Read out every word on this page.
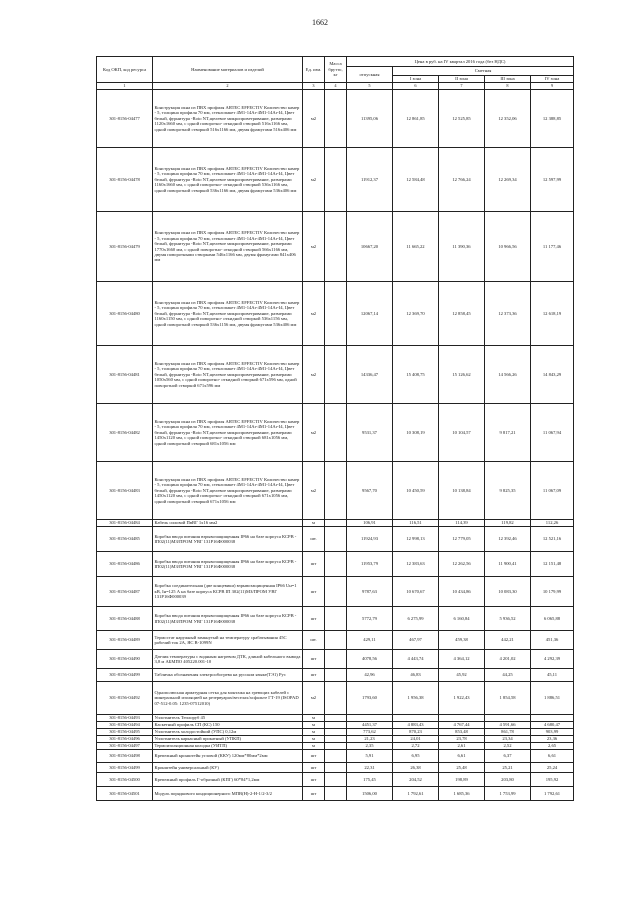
1662
Код ОКП, код ресурса	Наименование материалов и изделий	Ед. изм.	Масса брутто, кг	Цена в руб. на IV квартал 2016 года (без НДС)				
				отпускная	Сметная			
					I зона	II зона	III зона	IV зона
1	2	3	4	5	6	7	8	9
301-8156-04477	Конструкция окна из ПВХ профиля ARTEC EFFECTIV Количество камер - 5, толщина профиля 70 мм, стеклопакет 4М1-14Ar-4М1-14Ar-I4, Цвет белый, фурнитура -Roto NT,щелевое микропроветривание, размерами 1120х1660 мм, с одной поворотно- откидной створкой 516х1166 мм, одной поворотной створкой 516х1166 мм, двумя фрамугами 516х406 мм	м2		11395,06	12 861,85	12 525,85	12 352,06	12 388,85
301-8156-04478	Конструкция окна из ПВХ профиля ARTEC EFFECTIV Количество камер - 5, толщина профиля 70 мм, стеклопакет 4М1-14Ar-4М1-14Ar-I4, Цвет белый, фурнитура -Roto NT,щелевое микропроветривание, размерами 1160х1660 мм, с одной поворотно- откидной створкой 536х1166 мм, одной поворотной створкой 536х1166 мм, двумя фрамугами 536х406 мм	м2		11912,37	12 584,48	12 766,24	12 269,34	12 597,99
301-8156-04479	Конструкция окна из ПВХ профиля ARTEC EFFECTIV Количество камер - 5, толщина профиля 70 мм, стеклопакет 4М1-14Ar-4М1-14Ar-I4, Цвет белый, фурнитура -Roto NT,щелевое микропроветривание, размерами 1770х1660 мм, с одной поворотно- откидной створкой 566х1166 мм, двумя поворотными створками 546х1166 мм, двумя фрамугами 841х406 мм	м2		10667,20	11 665,22	11 390,36	10 966,56	11 177,46
301-8156-04480	Конструкция окна из ПВХ профиля ARTEC EFFECTIV Количество камер - 5, толщина профиля 70 мм, стеклопакет 4М1-14Ar-4М1-14Ar-I4, Цвет белый, фурнитура -Roto NT,щелевое микропроветривание, размерами 1160х1150 мм, с одной поворотно- откидной створкой 536х1156 мм, одной поворотной створкой 536х1156 мм, двумя фрамугами 536х406 мм	м2		12067,14	12 369,70	12 858,45	12 373,36	12 618,19
301-8156-04481	Конструкция окна из ПВХ профиля ARTEC EFFECTIV Количество камер - 5, толщина профиля 70 мм, стеклопакет 4М1-14Ar-4М1-14Ar-I4, Цвет белый, фурнитура -Roto NT,щелевое микропроветривание, размерами 1050х560 мм, с одной поворотно- откидной створкой 671х596 мм, одной поворотной створкой 671х596 мм	м2		14336,47	15 408,75	15 126,62	14 566,26	14 843,29
301-8156-04482	Конструкция окна из ПВХ профиля ARTEC EFFECTIV Количество камер - 5, толщина профиля 70 мм, стеклопакет 4М1-14Ar-4М1-14Ar-I4, Цвет белый, фурнитура -Roto NT,щелевое микропроветривание, размерами 1450х1120 мм, с одной поворотно- откидной створкой 681х1056 мм, одной поворотной створкой 681х1056 мм	м2		9531,37	10 308,19	10 104,57	9 817,21	11 067,94
301-8156-04483	Конструкция окна из ПВХ профиля ARTEC EFFECTIV Количество камер - 5, толщина профиля 70 мм, стеклопакет 4М1-14Ar-4М1-14Ar-I4, Цвет белый, фурнитура -Roto NT,щелевое микропроветривание, размерами 1450х1120 мм, с одной поворотно- откидной створкой 671х1056 мм, одной поворотной створкой 671х1056 мм	м2		9567,70	10 450,59	10 138,84	9 825,35	11 067,09
301-8156-04484	Кабель силовой ПвВГ 1х16 мм2	м		106,91	116,51	114,39	119,82	112,26
301-8156-04485	Коробка ввода питания взрывозащищенная IP66 на базе корпуса КСРВ - IП02(11)МЗ/ПРОМ УВГ 131Р16Ф000038	шт.		11924,93	12 998,13	12 779,05	12 392,46	12 521,16
301-8156-04486	Коробка ввода питания взрывозащищенная IP66 на базе корпуса КСРВ - IП02(11)МЗ/ПРОМ УВГ 131Р16Ф000038	шт		11953,79	12 383,63	12 262,56	11 900,41	12 151,48
301-8156-04487	Коробка соединительная (две концевики) взрывозащищенная IP66 Uн=1 кВ, Iн=125 А на базе корпуса КСРВ IП 302(11)МЗ/ПРОМ УВГ 131Р16Ф000039	шт		9787,63	10 670,67	10 434,86	10 083,30	10 179,99
301-8156-04488	Коробка ввода питания взрывозащищенная IP66 на базе корпуса КСРВ - IП02(11)МЗ/ПРОМ УВГ 131Р16Ф000038	шт		5772,79	6 275,99	6 160,84	5 936,52	6 065,88
301-8156-04489	Термостат наружный замкнутый на температуру срабатывания 45С рабочий ток 2А, ЯС В-1099N	шт.		429,11	467,97	459,38	442,21	451,36
301-8156-04490	Датчик температуры с водяным нагревом ДТК, длиной кабельного вывода 3,8 м АБМПО 405220.001-10	шт		4078,56	4 443,74	4 364,12	4 201,02	4 292,39
301-8156-04499	Табличка обозначения электрообогрева на русском языке(ТЭ1) Рус	шт		42,96	46,83	45,92	44,25	45,11
301-8156-04492	Однополюсная арматурная сетка для монтажа на греющих кабелей с минеральной изоляцией на резервуарах/веселах/асфальте ГТ-19 (ISOPAD 07-512-0.05: 1235-07512010)	м2		1793,60	1 956,38	1 922,43	1 854,58	1 886,51
301-8156-04493	Уплотнитель Теплоруб 45	м						
301-8156-04494	Каскетный профиль СП (КС) 150	м		4451,37	4 883,43	4 767,44	4 591,66	4 680,47
301-8156-04495	Уплотнитель холодостойкий (УПС) 0,12м	м		773,62	870,23	853,48	861,78	903,99
301-8156-04496	Уплотнитель каркасный прокатный (УПКП)	м		21,23	24,01	23,78	23,34	23,36
301-8156-04497	Термоизоляционная колодка (УИТП)	м		2,35	2,72	2,61	2,52	2,65
301-8156-04498	Крепежный кронштейн угловой (ККУ) 120мм*80мм*2мм	шт		5,91	6,95	6,61	6,37	6,61
301-8156-04499	Кронштейн универсальный (КУ)	шт		22,31	26,38	25,48	25,21	25,24
301-8156-04500	Крепежный профиль Г-образный (КПГ) 60*84*1,2мм	шт		175,45	204,52	198,89	203,80	195,92
301-8156-04501	Модуль порядкового кондиционерного МПВ(Н)-2-Н-1/2-3/2	шт		1506,00	1 792,61	1 685,36	1 753,99	1 792,61
